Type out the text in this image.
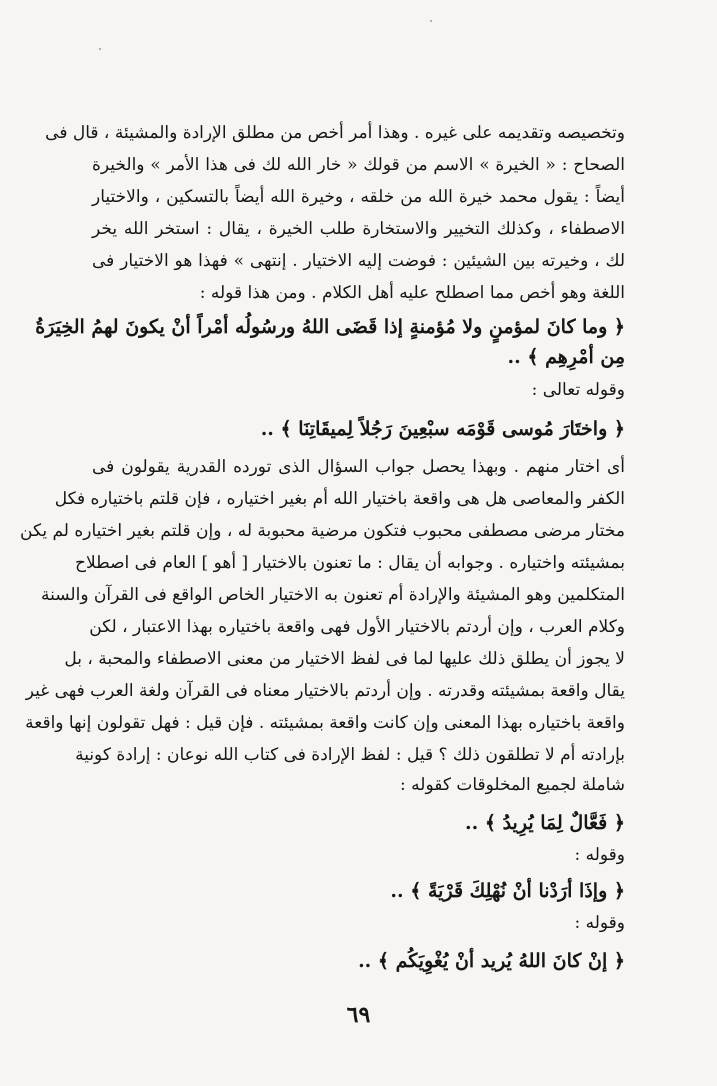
وتخصيصه وتقديمه على غيره . وهذا أمر أخص من مطلق الإرادة والمشيئة ، قال فى
الصحاح : « الخيرة » الاسم من قولك « خار الله لك فى هذا الأمر » والخيرة
أيضاً : يقول محمد خيرة الله من خلقه ، وخيرة الله أيضاً بالتسكين ، والاختيار
الاصطفاء ، وكذلك التخيير والاستخارة طلب الخيرة ، يقال : استخر الله يخر
لك ، وخيرته بين الشيئين : فوضت إليه الاختيار . إنتهى » فهذا هو الاختيار فى
اللغة وهو أخص مما اصطلح عليه أهل الكلام . ومن هذا قوله :
﴿ وما كانَ لمؤمنٍ ولا مُؤمنةٍ إذا قَضَى اللهُ ورسُولُه أمْراً أنْ يكونَ لهمُ الخِيَرَةُ
مِن أمْرِهِم ﴾ ..
وقوله تعالى :
﴿ واختَارَ مُوسى قَوْمَه سبْعِينَ رَجُلاً لِميقَاتِنَا ﴾ ..
أى اختار منهم . وبهذا يحصل جواب السؤال الذى تورده القدرية يقولون فى
الكفر والمعاصى هل هى واقعة باختيار الله أم بغير اختياره ، فإن قلتم باختياره فكل
مختار مرضى مصطفى محبوب فتكون مرضية محبوبة له ، وإن قلتم بغير اختياره لم يكن
بمشيئته واختياره . وجوابه أن يقال : ما تعنون بالاختيار [ أهو ] العام فى اصطلاح
المتكلمين وهو المشيئة والإرادة أم تعنون به الاختيار الخاص الواقع فى القرآن والسنة
وكلام العرب ، وإن أردتم بالاختيار الأول فهى واقعة باختياره بهذا الاعتبار ، لكن
لا يجوز أن يطلق ذلك عليها لما فى لفظ الاختيار من معنى الاصطفاء والمحبة ، بل
يقال واقعة بمشيئته وقدرته . وإن أردتم بالاختيار معناه فى القرآن ولغة العرب فهى غير
واقعة باختياره بهذا المعنى وإن كانت واقعة بمشيئته . فإن قيل : فهل تقولون إنها واقعة
بإرادته أم لا تطلقون ذلك ؟ قيل : لفظ الإرادة فى كتاب الله نوعان : إرادة كونية
شاملة لجميع المخلوقات كقوله :
﴿ فَعَّالٌ لِمَا يُرِيدُ ﴾ ..
وقوله :
﴿ وإذَا أرَدْنا أنْ نُهْلِكَ قَرْيَةً ﴾ ..
وقوله :
﴿ إنْ كانَ اللهُ يُريد أنْ يُغْوِيَكُم ﴾ ..
٦٩
